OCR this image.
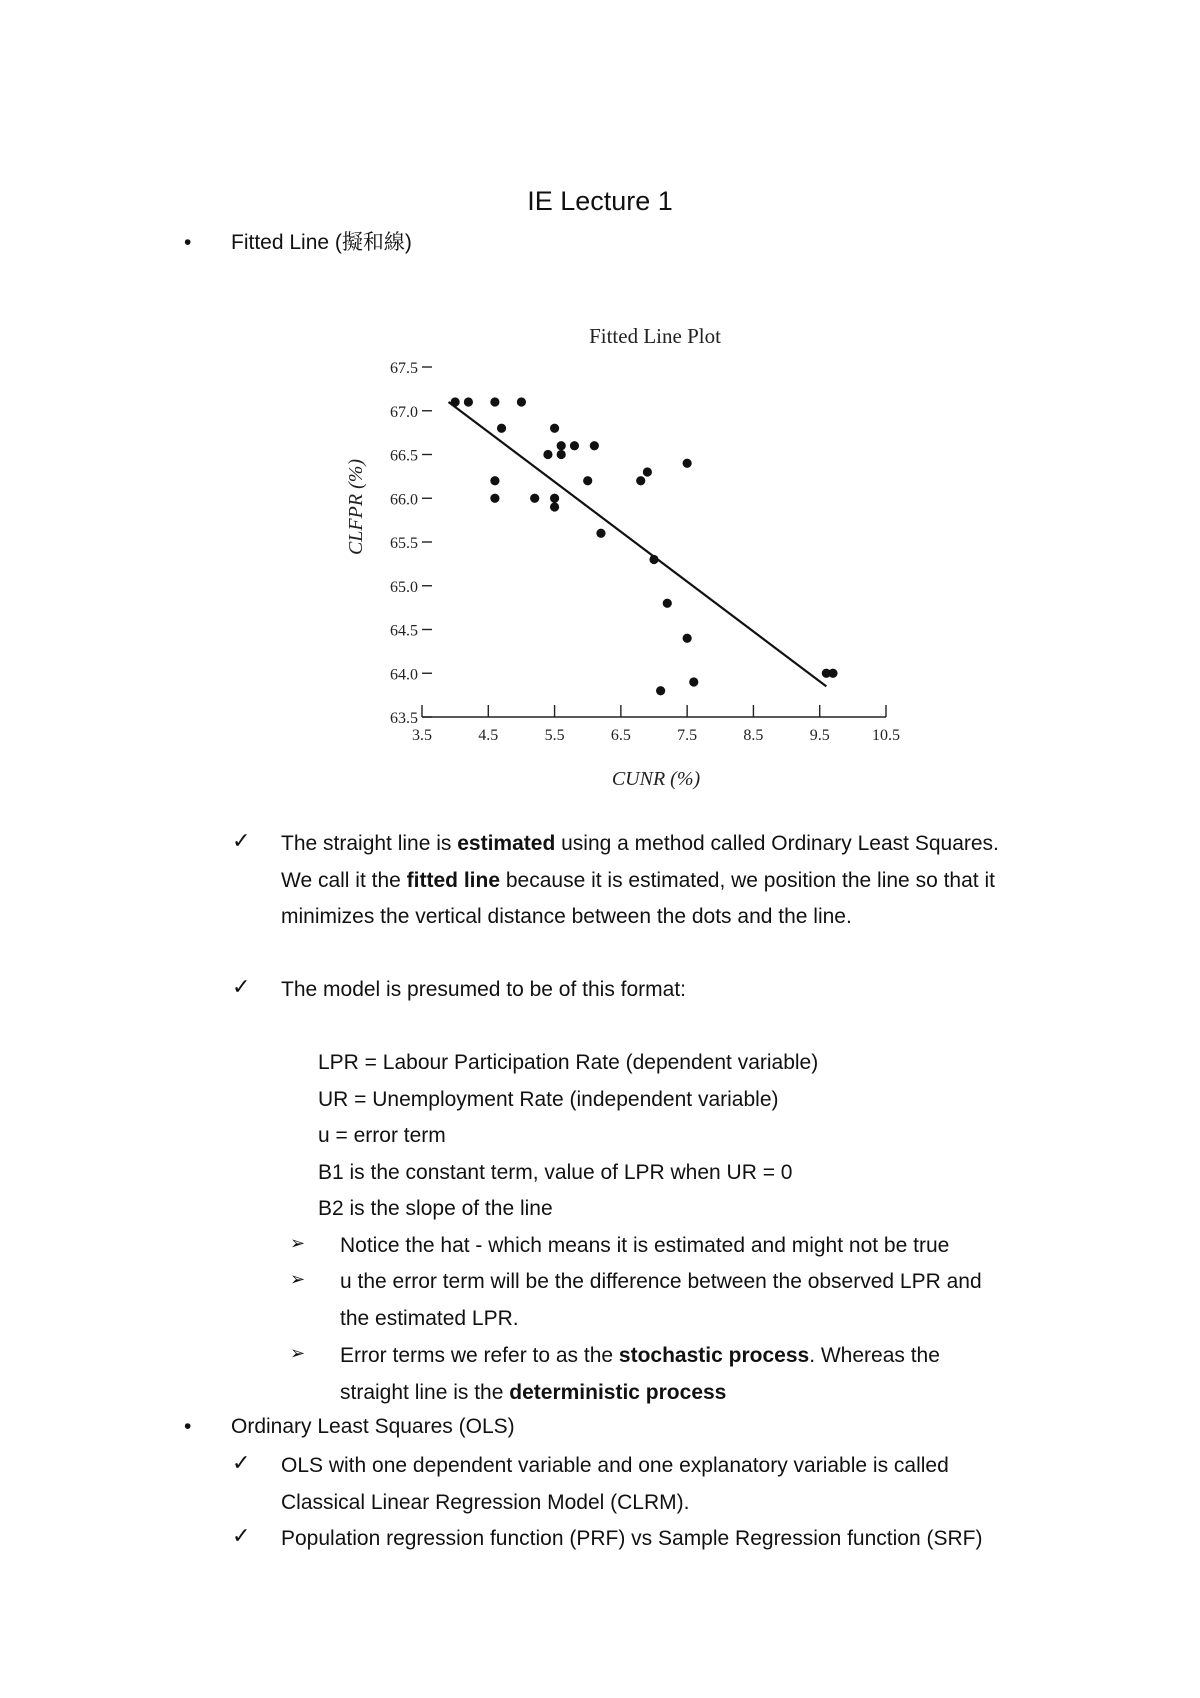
IE Lecture 1
•	Fitted Line (擬和線)
Fitted Line Plot
67.5
67.0
66.5
66.0
65.5
65.0
64.5
64.0
63.5
3.5	4.5	5.5	6.5	7.5	8.5	9.5	10.5
CUNR (%)
CLFPR (%)
✓ The straight line is estimated using a method called Ordinary Least Squares. We call it the fitted line because it is estimated, we position the line so that it minimizes the vertical distance between the dots and the line.
✓ The model is presumed to be of this format:
LPR = Labour Participation Rate (dependent variable)
UR = Unemployment Rate (independent variable)
u = error term
B1 is the constant term, value of LPR when UR = 0
B2 is the slope of the line
➢ Notice the hat - which means it is estimated and might not be true
➢ u the error term will be the difference between the observed LPR and the estimated LPR.
➢ Error terms we refer to as the stochastic process. Whereas the straight line is the deterministic process
•	Ordinary Least Squares (OLS)
✓ OLS with one dependent variable and one explanatory variable is called Classical Linear Regression Model (CLRM).
✓ Population regression function (PRF) vs Sample Regression function (SRF)
